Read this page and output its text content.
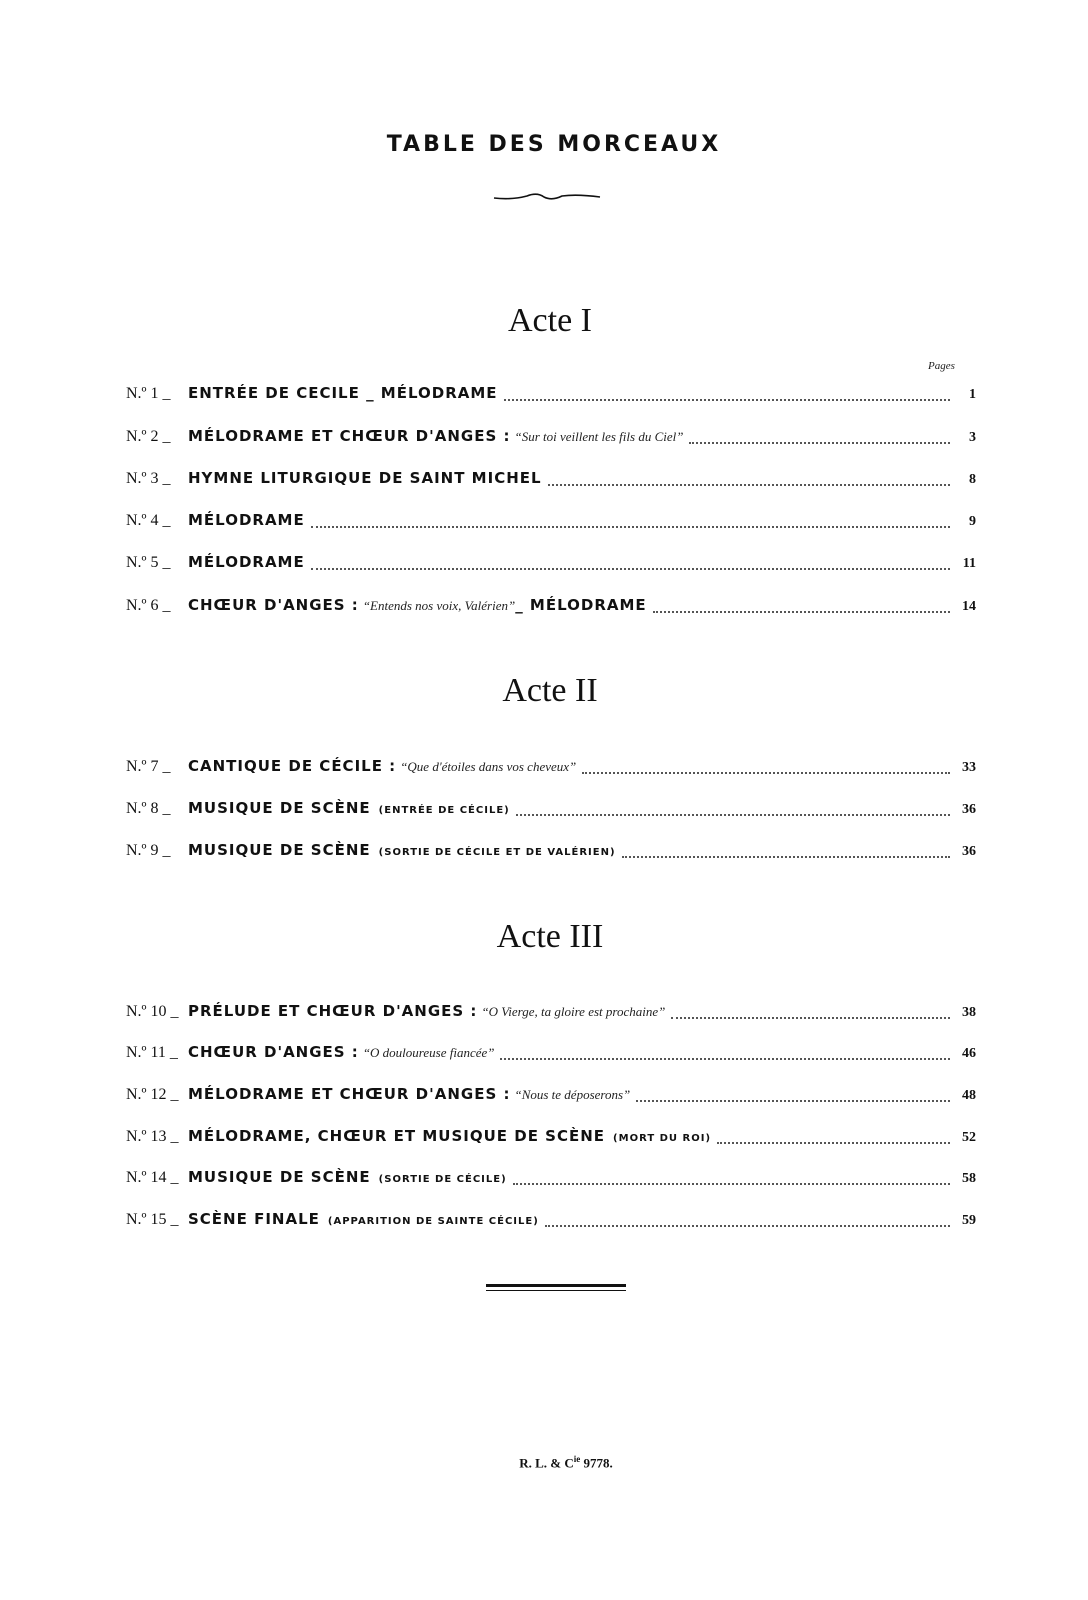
TABLE DES MORCEAUX
Acte I
Pages
N.º 1 _	ENTRÉE DE CECILE _ MÉLODRAME	1
N.º 2 _	MÉLODRAME ET CHŒUR D'ANGES : “Sur toi veillent les fils du Ciel”	3
N.º 3 _	HYMNE LITURGIQUE DE SAINT MICHEL	8
N.º 4 _	MÉLODRAME	9
N.º 5 _	MÉLODRAME	11
N.º 6 _	CHŒUR D'ANGES : “Entends nos voix, Valérien” _ MÉLODRAME	14
Acte II
N.º 7 _	CANTIQUE DE CÉCILE : “Que d'étoiles dans vos cheveux”	33
N.º 8 _	MUSIQUE DE SCÈNE (ENTRÉE DE CÉCILE)	36
N.º 9 _	MUSIQUE DE SCÈNE (SORTIE DE CÉCILE ET DE VALÉRIEN)	36
Acte III
N.º 10 _ PRÉLUDE ET CHŒUR D'ANGES : “O Vierge, ta gloire est prochaine”	38
N.º 11 _ CHŒUR D'ANGES : “O douloureuse fiancée”	46
N.º 12 _ MÉLODRAME ET CHŒUR D'ANGES : “Nous te déposerons”	48
N.º 13 _ MÉLODRAME, CHŒUR ET MUSIQUE DE SCÈNE (MORT DU ROI)	52
N.º 14 _ MUSIQUE DE SCÈNE (SORTIE DE CÉCILE)	58
N.º 15 _ SCÈNE FINALE (APPARITION DE SAINTE CÉCILE)	59
R. L. & $C^{ie}$ 9778.
